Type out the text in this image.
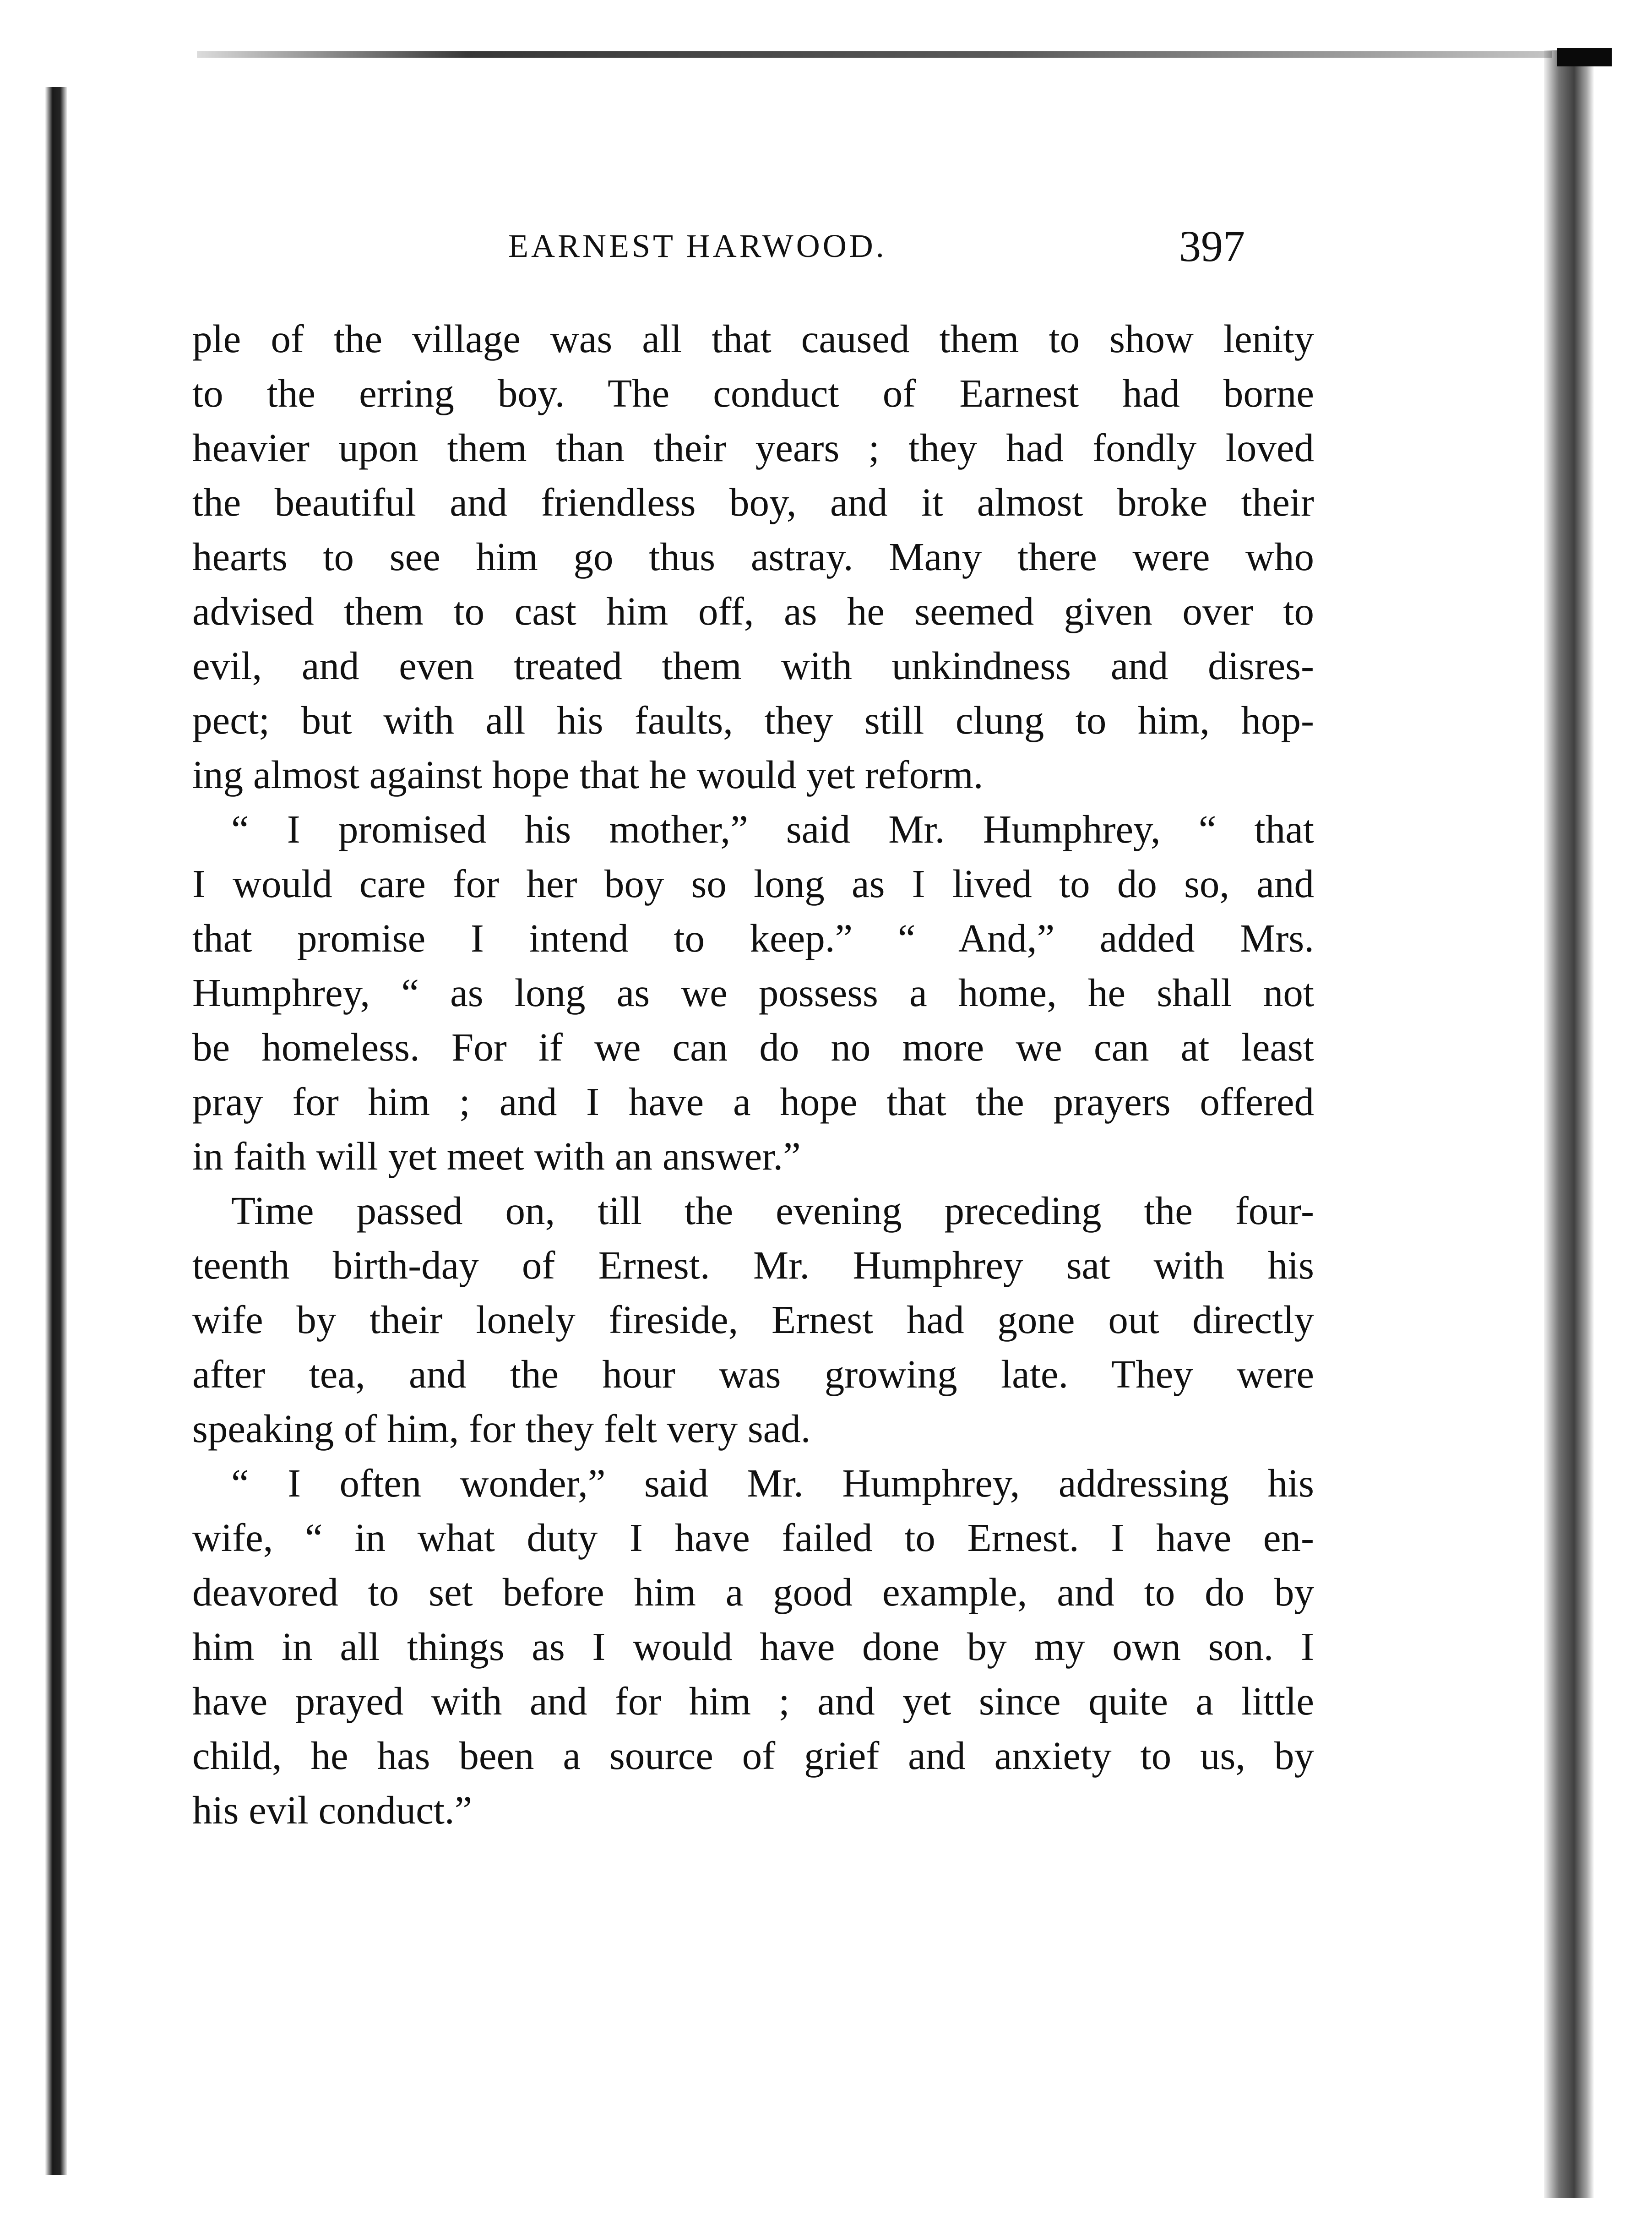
EARNEST HARWOOD.	397
ple of the village was all that caused them to show lenity
to the erring boy. The conduct of Earnest had borne
heavier upon them than their years ; they had fondly loved
the beautiful and friendless boy, and it almost broke their
hearts to see him go thus astray. Many there were who
advised them to cast him off, as he seemed given over to
evil, and even treated them with unkindness and disres-
pect; but with all his faults, they still clung to him, hop-
ing almost against hope that he would yet reform.
“ I promised his mother,” said Mr. Humphrey, “ that
I would care for her boy so long as I lived to do so, and
that promise I intend to keep.” “ And,” added Mrs.
Humphrey, “ as long as we possess a home, he shall not
be homeless. For if we can do no more we can at least
pray for him ; and I have a hope that the prayers offered
in faith will yet meet with an answer.”
Time passed on, till the evening preceding the four-
teenth birth-day of Ernest. Mr. Humphrey sat with his
wife by their lonely fireside, Ernest had gone out directly
after tea, and the hour was growing late. They were
speaking of him, for they felt very sad.
“ I often wonder,” said Mr. Humphrey, addressing his
wife, “ in what duty I have failed to Ernest. I have en-
deavored to set before him a good example, and to do by
him in all things as I would have done by my own son. I
have prayed with and for him ; and yet since quite a little
child, he has been a source of grief and anxiety to us, by
his evil conduct.”
